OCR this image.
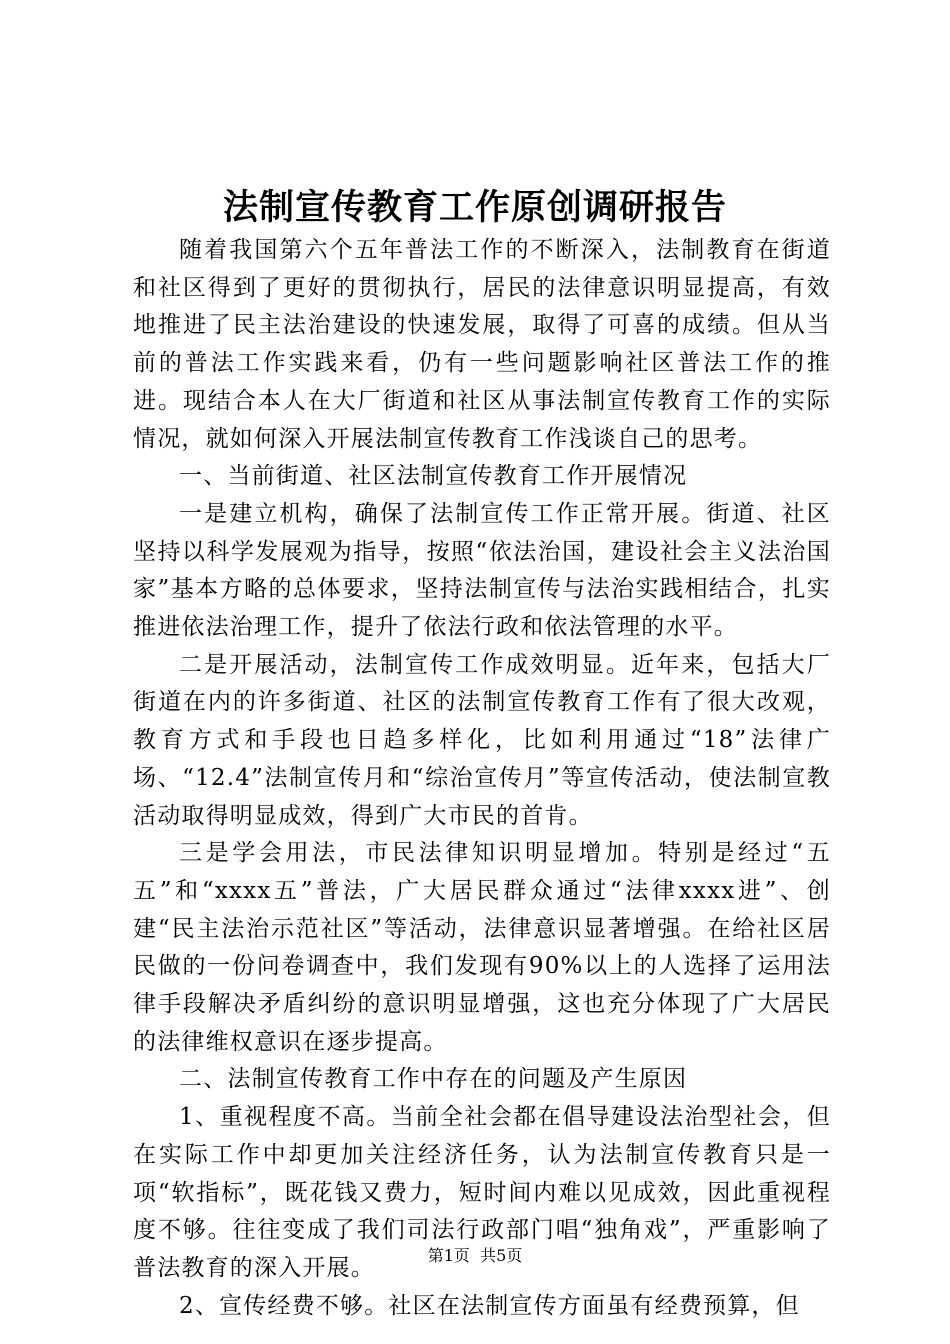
法制宣传教育工作原创调研报告

随着我国第六个五年普法工作的不断深入，法制教育在街道和社区得到了更好的贯彻执行，居民的法律意识明显提高，有效地推进了民主法治建设的快速发展，取得了可喜的成绩。但从当前的普法工作实践来看，仍有一些问题影响社区普法工作的推进。现结合本人在大厂街道和社区从事法制宣传教育工作的实际情况，就如何深入开展法制宣传教育工作浅谈自己的思考。

一、当前街道、社区法制宣传教育工作开展情况

一是建立机构，确保了法制宣传工作正常开展。街道、社区坚持以科学发展观为指导，按照“依法治国，建设社会主义法治国家”基本方略的总体要求，坚持法制宣传与法治实践相结合，扎实推进依法治理工作，提升了依法行政和依法管理的水平。

二是开展活动，法制宣传工作成效明显。近年来，包括大厂街道在内的许多街道、社区的法制宣传教育工作有了很大改观，教育方式和手段也日趋多样化，比如利用通过“18”法律广场、“12.4”法制宣传月和“综治宣传月”等宣传活动，使法制宣教活动取得明显成效，得到广大市民的首肯。

三是学会用法，市民法律知识明显增加。特别是经过“五五”和“xxxx五”普法，广大居民群众通过“法律xxxx进”、创建“民主法治示范社区”等活动，法律意识显著增强。在给社区居民做的一份问卷调查中，我们发现有90%以上的人选择了运用法律手段解决矛盾纠纷的意识明显增强，这也充分体现了广大居民的法律维权意识在逐步提高。

二、法制宣传教育工作中存在的问题及产生原因

1、重视程度不高。当前全社会都在倡导建设法治型社会，但在实际工作中却更加关注经济任务，认为法制宣传教育只是一项“软指标”，既花钱又费力，短时间内难以见成效，因此重视程度不够。往往变成了我们司法行政部门唱“独角戏”，严重影响了普法教育的深入开展。

2、宣传经费不够。社区在法制宣传方面虽有经费预算，但

第1页 共5页
